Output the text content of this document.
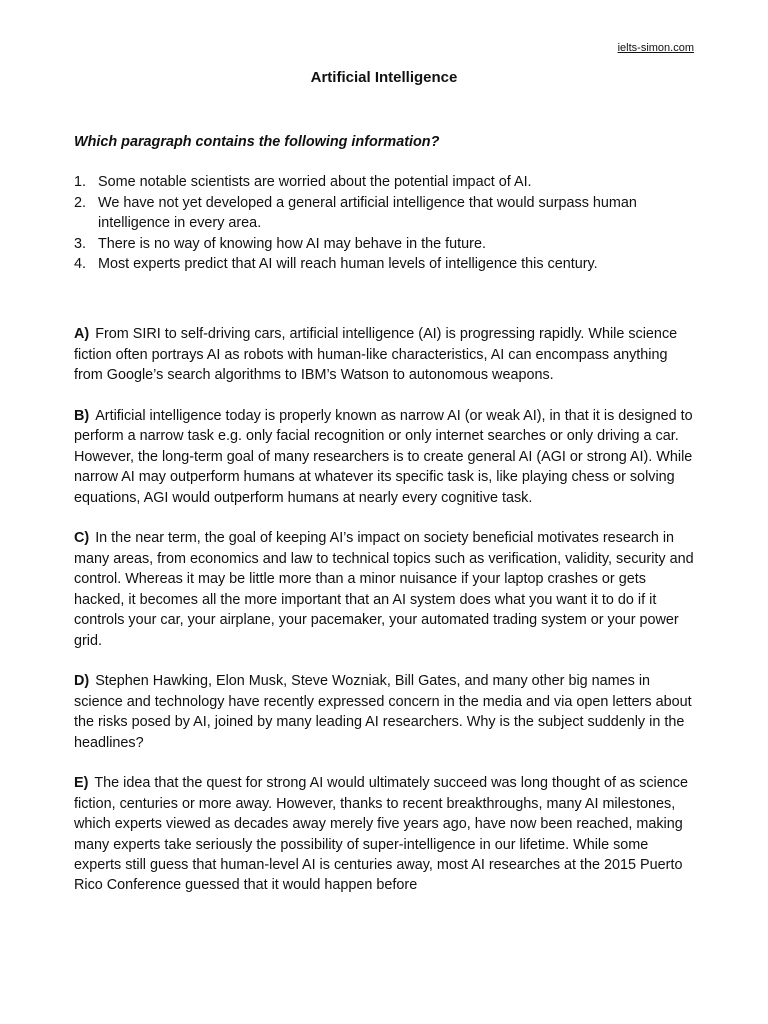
ielts-simon.com
Artificial Intelligence

Which paragraph contains the following information?

1. Some notable scientists are worried about the potential impact of AI.
2. We have not yet developed a general artificial intelligence that would surpass human intelligence in every area.
3. There is no way of knowing how AI may behave in the future.
4. Most experts predict that AI will reach human levels of intelligence this century.

A) From SIRI to self-driving cars, artificial intelligence (AI) is progressing rapidly. While science fiction often portrays AI as robots with human-like characteristics, AI can encompass anything from Google’s search algorithms to IBM’s Watson to autonomous weapons.

B) Artificial intelligence today is properly known as narrow AI (or weak AI), in that it is designed to perform a narrow task e.g. only facial recognition or only internet searches or only driving a car. However, the long-term goal of many researchers is to create general AI (AGI or strong AI). While narrow AI may outperform humans at whatever its specific task is, like playing chess or solving equations, AGI would outperform humans at nearly every cognitive task.

C) In the near term, the goal of keeping AI’s impact on society beneficial motivates research in many areas, from economics and law to technical topics such as verification, validity, security and control. Whereas it may be little more than a minor nuisance if your laptop crashes or gets hacked, it becomes all the more important that an AI system does what you want it to do if it controls your car, your airplane, your pacemaker, your automated trading system or your power grid.

D) Stephen Hawking, Elon Musk, Steve Wozniak, Bill Gates, and many other big names in science and technology have recently expressed concern in the media and via open letters about the risks posed by AI, joined by many leading AI researchers. Why is the subject suddenly in the headlines?

E) The idea that the quest for strong AI would ultimately succeed was long thought of as science fiction, centuries or more away. However, thanks to recent breakthroughs, many AI milestones, which experts viewed as decades away merely five years ago, have now been reached, making many experts take seriously the possibility of super-intelligence in our lifetime. While some experts still guess that human-level AI is centuries away, most AI researches at the 2015 Puerto Rico Conference guessed that it would happen before
